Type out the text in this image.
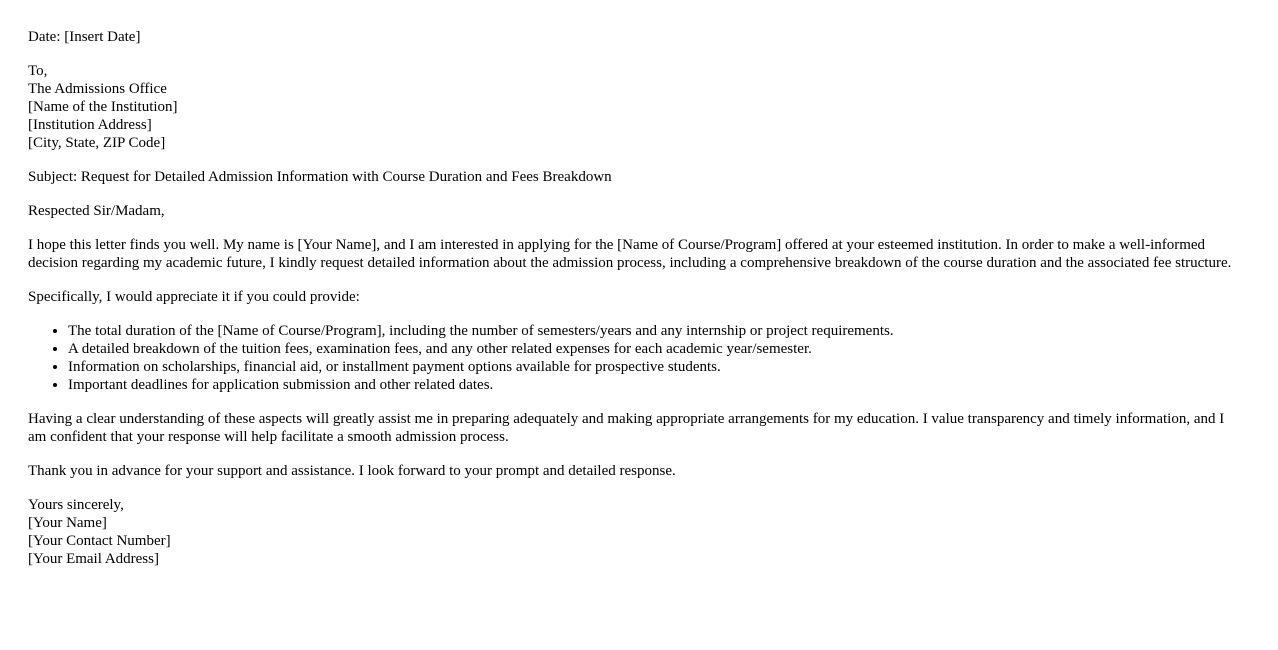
Date: [Insert Date]

To,
The Admissions Office
[Name of the Institution]
[Institution Address]
[City, State, ZIP Code]

Subject: Request for Detailed Admission Information with Course Duration and Fees Breakdown

Respected Sir/Madam,

I hope this letter finds you well. My name is [Your Name], and I am interested in applying for the [Name of Course/Program] offered at your esteemed institution. In order to make a well-informed decision regarding my academic future, I kindly request detailed information about the admission process, including a comprehensive breakdown of the course duration and the associated fee structure.

Specifically, I would appreciate it if you could provide:

• The total duration of the [Name of Course/Program], including the number of semesters/years and any internship or project requirements.
• A detailed breakdown of the tuition fees, examination fees, and any other related expenses for each academic year/semester.
• Information on scholarships, financial aid, or installment payment options available for prospective students.
• Important deadlines for application submission and other related dates.

Having a clear understanding of these aspects will greatly assist me in preparing adequately and making appropriate arrangements for my education. I value transparency and timely information, and I am confident that your response will help facilitate a smooth admission process.

Thank you in advance for your support and assistance. I look forward to your prompt and detailed response.

Yours sincerely,
[Your Name]
[Your Contact Number]
[Your Email Address]
